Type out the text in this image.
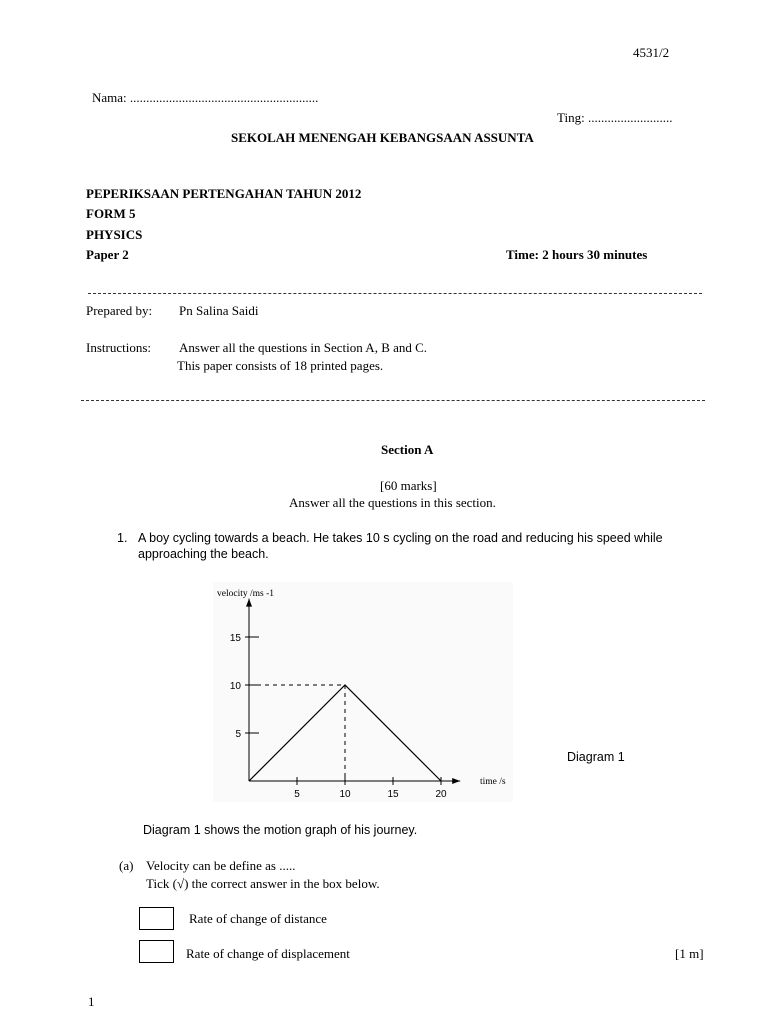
4531/2
Nama: ..........................................................
Ting: ..........................
SEKOLAH MENENGAH KEBANGSAAN ASSUNTA
PEPERIKSAAN PERTENGAHAN TAHUN 2012
FORM 5
PHYSICS
Paper 2	Time: 2 hours 30 minutes
Prepared by: Pn Salina Saidi
Instructions: Answer all the questions in Section A, B and C.
This paper consists of 18 printed pages.
Section A
[60 marks]
Answer all the questions in this section.
1. A boy cycling towards a beach. He takes 10 s cycling on the road and reducing his speed while
approaching the beach.
5	10	15	20
5
10
15
velocity /ms -1
time /s
Diagram 1
Diagram 1 shows the motion graph of his journey.
(a) Velocity can be define as .....
Tick (√) the correct answer in the box below.
Rate of change of distance
Rate of change of displacement	[1 m]
1
